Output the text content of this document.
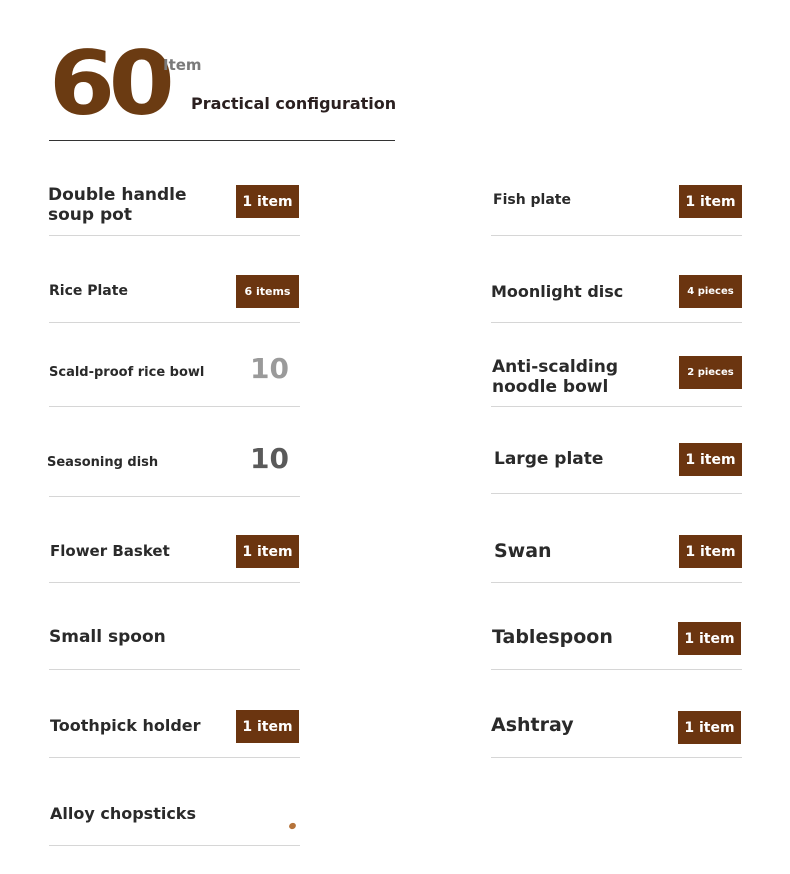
60
Item
Practical configuration
Double handle
soup pot
1 item
Rice Plate	6 items
Scald-proof rice bowl 10
Seasoning dish	10
Flower Basket	1 item
Small spoon
Toothpick holder	1 item
Alloy chopsticks
Fish plate	1 item
Moonlight disc	4 pieces
Anti-scalding
noodle bowl
2 pieces
Large plate	1 item
Swan	1 item
Tablespoon	1 item
Ashtray	1 item
